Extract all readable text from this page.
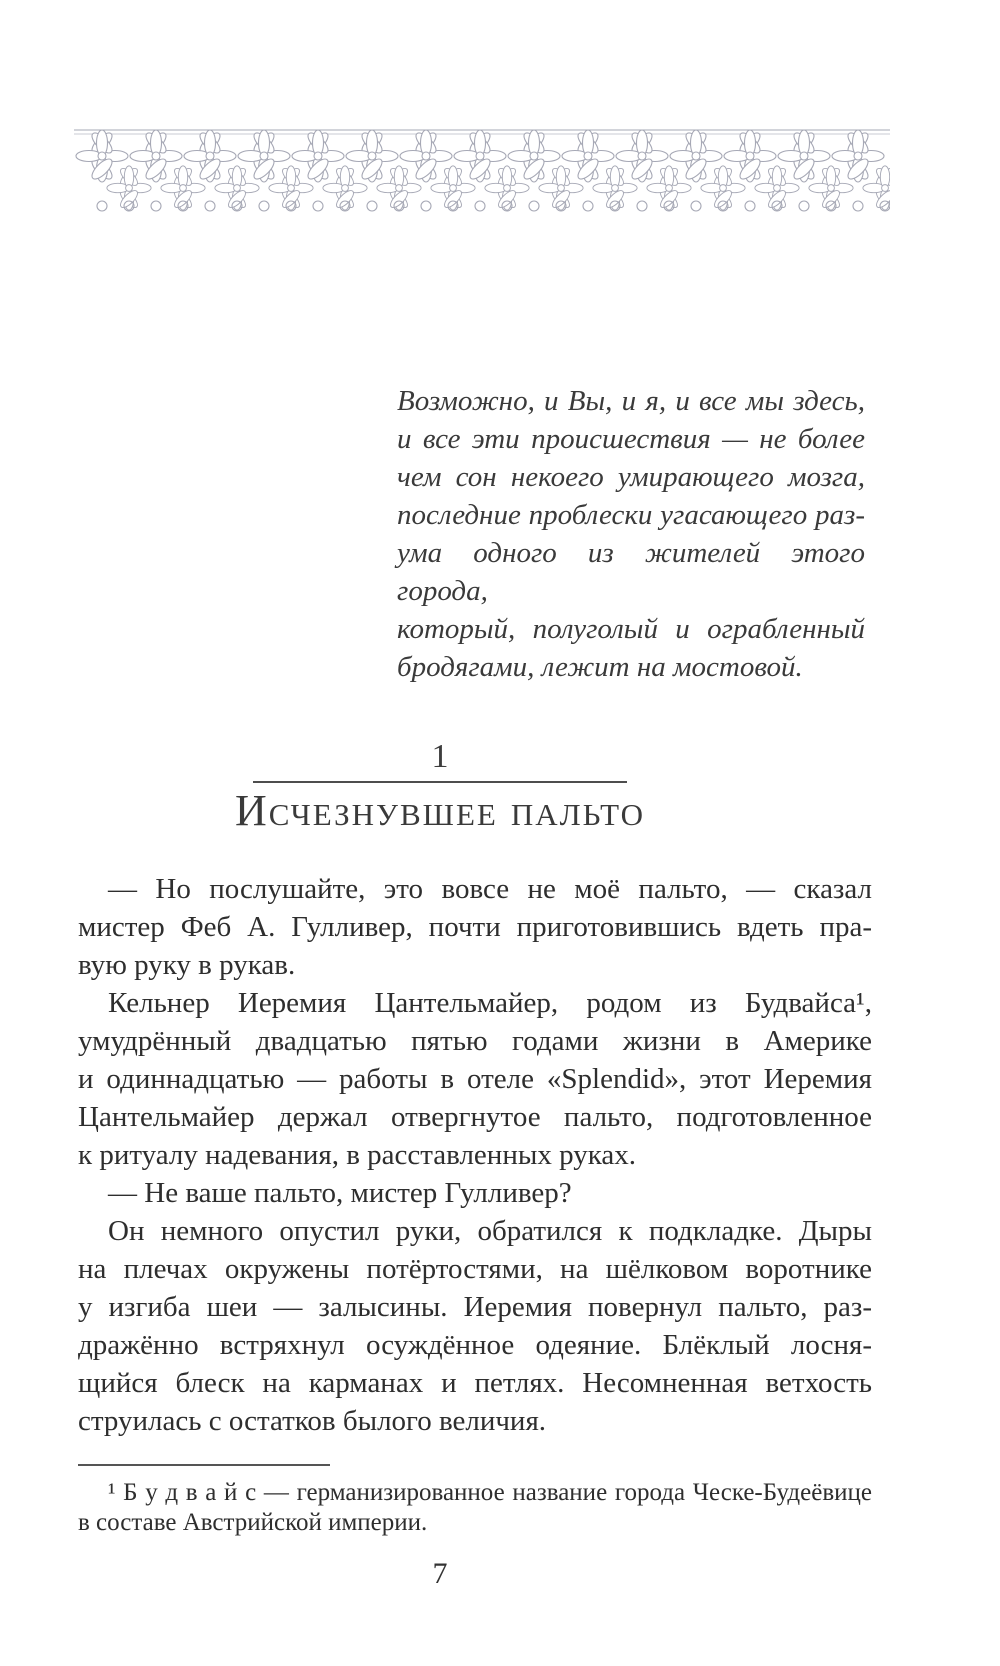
Возможно, и Вы, и я, и все мы здесь,
и все эти происшествия — не более
чем сон некоего умирающего мозга,
последние проблески угасающего раз-
ума одного из жителей этого города,
который, полуголый и ограбленный
бродягами, лежит на мостовой.
1
Исчезнувшее пальто
— Но послушайте, это вовсе не моё пальто, — сказал
мистер Феб А. Гулливер, почти приготовившись вдеть пра-
вую руку в рукав.
Кельнер Иеремия Цантельмайер, родом из Будвайса¹,
умудрённый двадцатью пятью годами жизни в Америке
и одиннадцатью — работы в отеле «Splendid», этот Иеремия
Цантельмайер держал отвергнутое пальто, подготовленное
к ритуалу надевания, в расставленных руках.
— Не ваше пальто, мистер Гулливер?
Он немного опустил руки, обратился к подкладке. Дыры
на плечах окружены потёртостями, на шёлковом воротнике
у изгиба шеи — залысины. Иеремия повернул пальто, раз-
дражённо встряхнул осуждённое одеяние. Блёклый лосня-
щийся блеск на карманах и петлях. Несомненная ветхость
струилась с остатков былого величия.
¹ Б у д в а й с — германизированное название города Ческе-Будеёвице
в составе Австрийской империи.
7
